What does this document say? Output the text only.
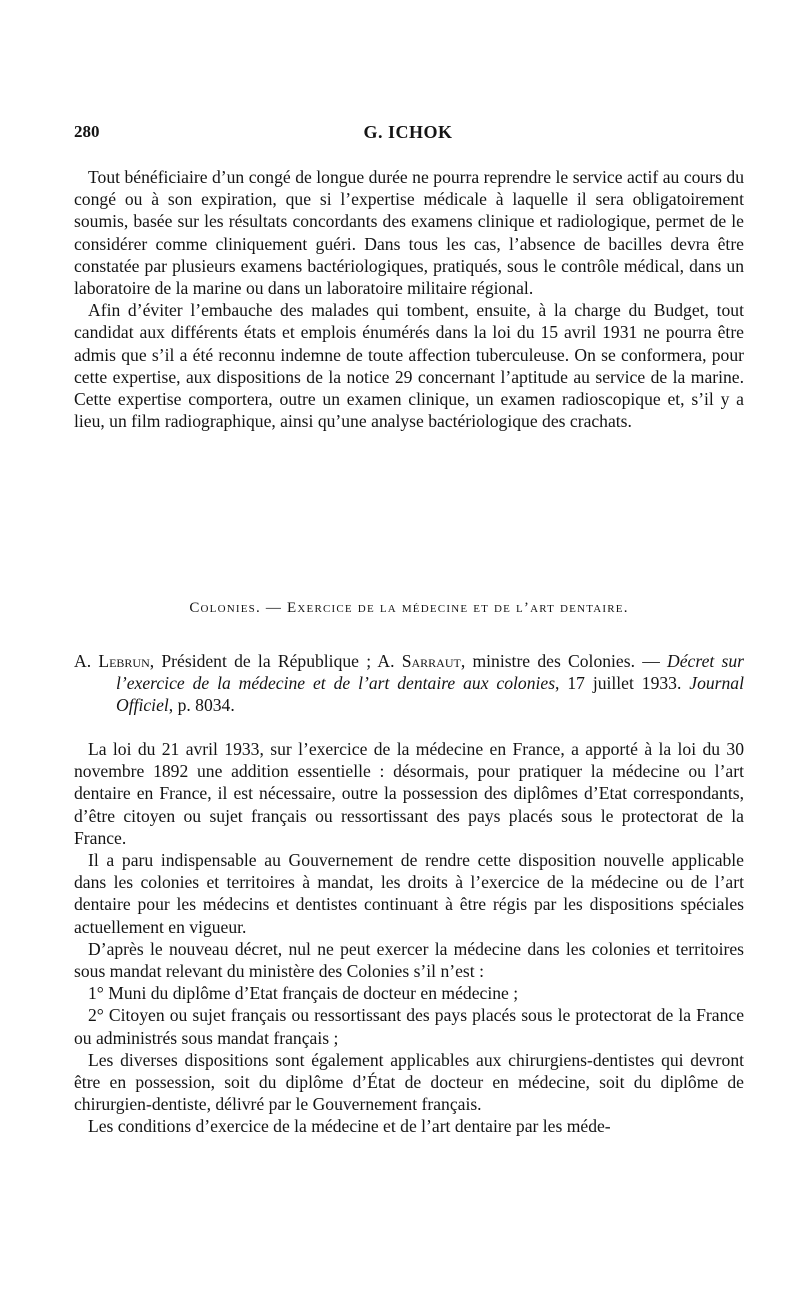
280	G. ICHOK

Tout bénéficiaire d’un congé de longue durée ne pourra reprendre le service actif au cours du congé ou à son expiration, que si l’expertise médicale à laquelle il sera obligatoirement soumis, basée sur les résultats concordants des examens clinique et radiologique, permet de le considérer comme cliniquement guéri. Dans tous les cas, l’absence de bacilles devra être constatée par plusieurs examens bactériologiques, pratiqués, sous le contrôle médical, dans un laboratoire de la marine ou dans un laboratoire militaire régional.

Afin d’éviter l’embauche des malades qui tombent, ensuite, à la charge du Budget, tout candidat aux différents états et emplois énumérés dans la loi du 15 avril 1931 ne pourra être admis que s’il a été reconnu indemne de toute affection tuberculeuse. On se conformera, pour cette expertise, aux dispositions de la notice 29 concernant l’aptitude au service de la marine. Cette expertise comportera, outre un examen clinique, un examen radioscopique et, s’il y a lieu, un film radiographique, ainsi qu’une analyse bactériologique des crachats.

Colonies. — Exercice de la médecine et de l’art dentaire.
A. Lebrun, Président de la République ; A. Sarraut, ministre des Colonies. — Décret sur l’exercice de la médecine et de l’art dentaire aux colonies, 17 juillet 1933. Journal Officiel, p. 8034.

La loi du 21 avril 1933, sur l’exercice de la médecine en France, a apporté à la loi du 30 novembre 1892 une addition essentielle : désormais, pour pratiquer la médecine ou l’art dentaire en France, il est nécessaire, outre la possession des diplômes d’Etat correspondants, d’être citoyen ou sujet français ou ressortissant des pays placés sous le protectorat de la France.

Il a paru indispensable au Gouvernement de rendre cette disposition nouvelle applicable dans les colonies et territoires à mandat, les droits à l’exercice de la médecine ou de l’art dentaire pour les médecins et dentistes continuant à être régis par les dispositions spéciales actuellement en vigueur.

D’après le nouveau décret, nul ne peut exercer la médecine dans les colonies et territoires sous mandat relevant du ministère des Colonies s’il n’est :

1° Muni du diplôme d’Etat français de docteur en médecine ;

2° Citoyen ou sujet français ou ressortissant des pays placés sous le protectorat de la France ou administrés sous mandat français ;

Les diverses dispositions sont également applicables aux chirurgiens-dentistes qui devront être en possession, soit du diplôme d’État de docteur en médecine, soit du diplôme de chirurgien-dentiste, délivré par le Gouvernement français.

Les conditions d’exercice de la médecine et de l’art dentaire par les méde-
